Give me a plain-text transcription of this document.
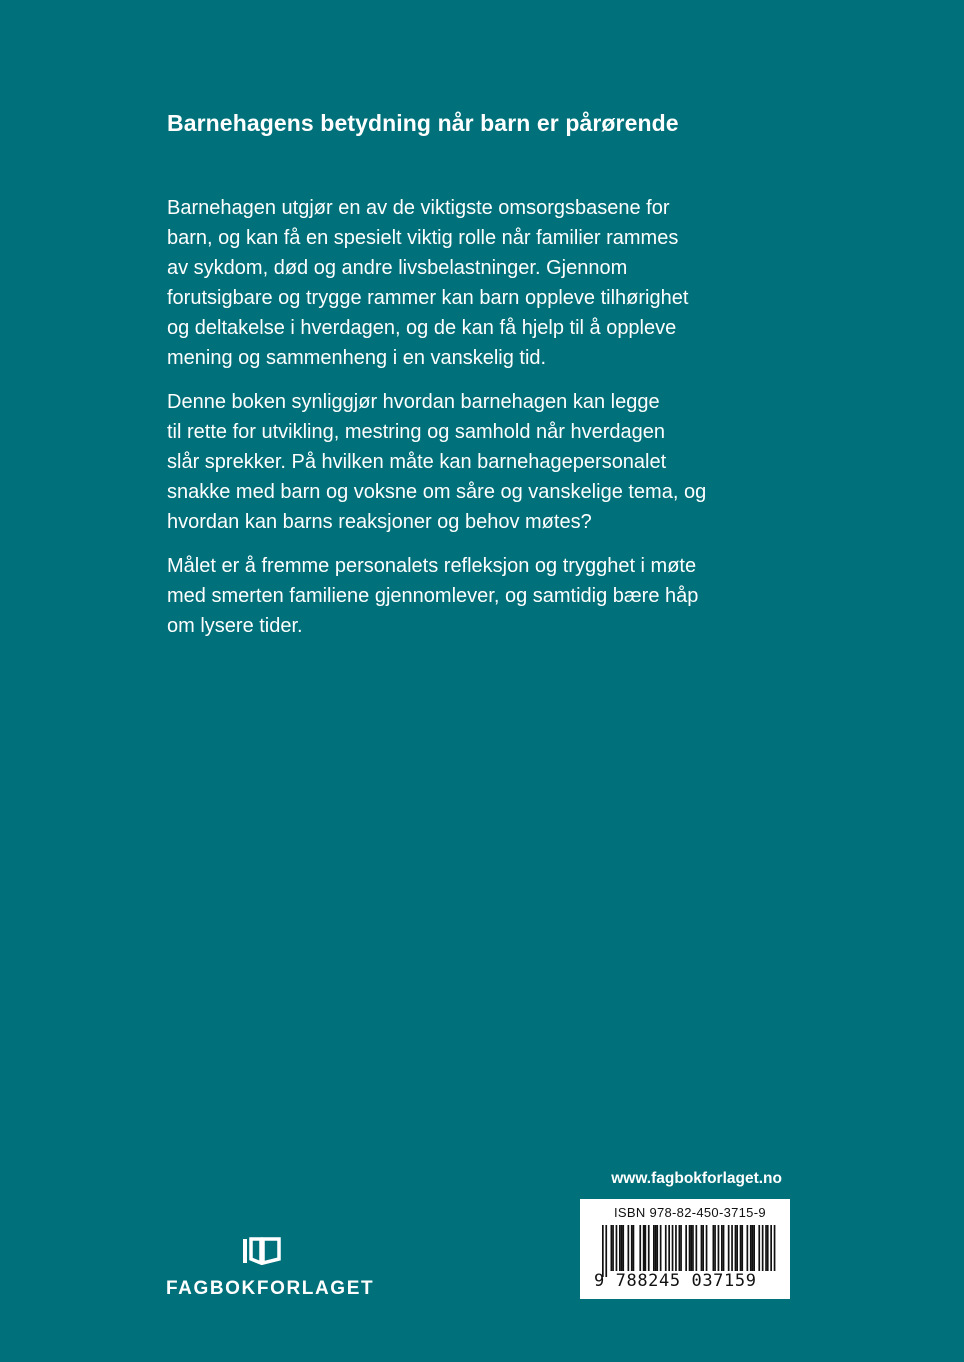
Barnehagens betydning når barn er pårørende

Barnehagen utgjør en av de viktigste omsorgsbasene for
barn, og kan få en spesielt viktig rolle når familier rammes
av sykdom, død og andre livsbelastninger. Gjennom
forutsigbare og trygge rammer kan barn oppleve tilhørighet
og deltakelse i hverdagen, og de kan få hjelp til å oppleve
mening og sammenheng i en vanskelig tid.

Denne boken synliggjør hvordan barnehagen kan legge
til rette for utvikling, mestring og samhold når hverdagen
slår sprekker. På hvilken måte kan barnehagepersonalet
snakke med barn og voksne om såre og vanskelige tema, og
hvordan kan barns reaksjoner og behov møtes?

Målet er å fremme personalets refleksjon og trygghet i møte
med smerten familiene gjennomlever, og samtidig bære håp
om lysere tider.

www.fagbokforlaget.no
ISBN 978-82-450-3715-9
9 788245 037159
FAGBOKFORLAGET
